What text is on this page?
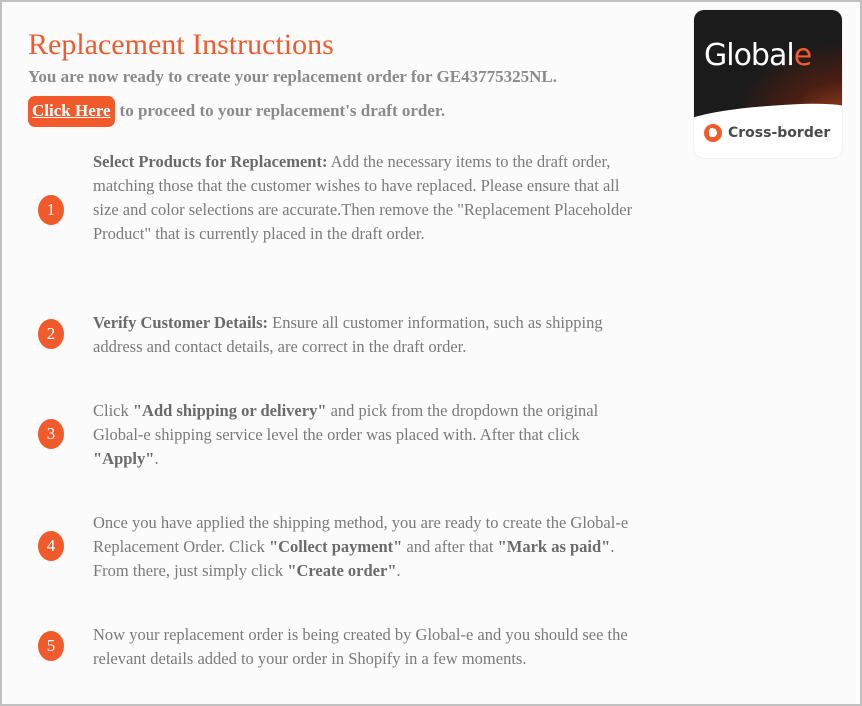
Replacement Instructions
You are now ready to create your replacement order for GE43775325NL.
Click Here to proceed to your replacement's draft order.
Globale
Cross-border
1
Select Products for Replacement: Add the necessary items to the draft order, matching those that the customer wishes to have replaced. Please ensure that all size and color selections are accurate.Then remove the "Replacement Placeholder Product" that is currently placed in the draft order.
2
Verify Customer Details: Ensure all customer information, such as shipping address and contact details, are correct in the draft order.
3
Click "Add shipping or delivery" and pick from the dropdown the original Global-e shipping service level the order was placed with. After that click "Apply".
4
Once you have applied the shipping method, you are ready to create the Global-e Replacement Order. Click "Collect payment" and after that "Mark as paid". From there, just simply click "Create order".
5
Now your replacement order is being created by Global-e and you should see the relevant details added to your order in Shopify in a few moments.
